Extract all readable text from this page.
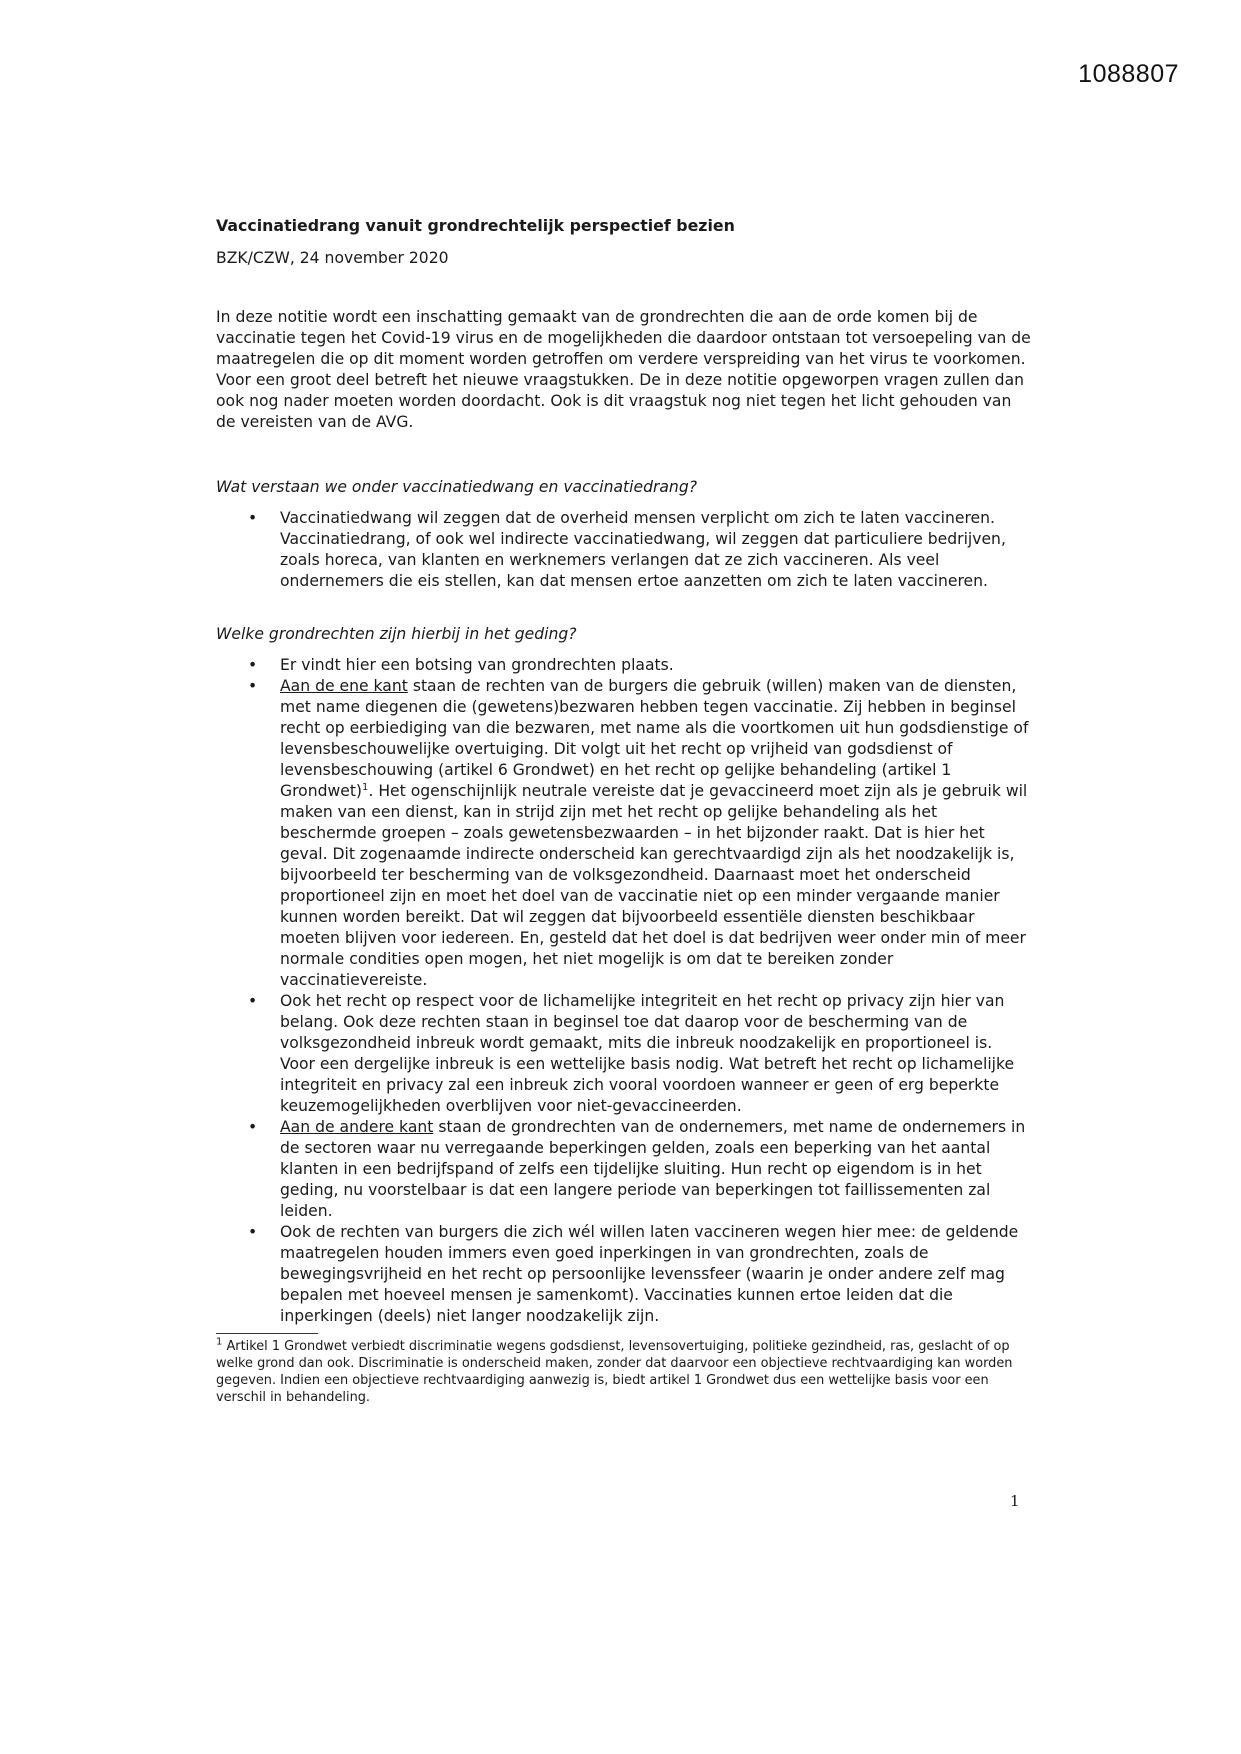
1088807
Vaccinatiedrang vanuit grondrechtelijk perspectief bezien
BZK/CZW, 24 november 2020
In deze notitie wordt een inschatting gemaakt van de grondrechten die aan de orde komen bij de vaccinatie tegen het Covid-19 virus en de mogelijkheden die daardoor ontstaan tot versoepeling van de maatregelen die op dit moment worden getroffen om verdere verspreiding van het virus te voorkomen. Voor een groot deel betreft het nieuwe vraagstukken. De in deze notitie opgeworpen vragen zullen dan ook nog nader moeten worden doordacht. Ook is dit vraagstuk nog niet tegen het licht gehouden van de vereisten van de AVG.
Wat verstaan we onder vaccinatiedwang en vaccinatiedrang?
• Vaccinatiedwang wil zeggen dat de overheid mensen verplicht om zich te laten vaccineren. Vaccinatiedrang, of ook wel indirecte vaccinatiedwang, wil zeggen dat particuliere bedrijven, zoals horeca, van klanten en werknemers verlangen dat ze zich vaccineren. Als veel ondernemers die eis stellen, kan dat mensen ertoe aanzetten om zich te laten vaccineren.
Welke grondrechten zijn hierbij in het geding?
• Er vindt hier een botsing van grondrechten plaats.
• Aan de ene kant staan de rechten van de burgers die gebruik (willen) maken van de diensten, met name diegenen die (gewetens)bezwaren hebben tegen vaccinatie. Zij hebben in beginsel recht op eerbiediging van die bezwaren, met name als die voortkomen uit hun godsdienstige of levensbeschouwelijke overtuiging. Dit volgt uit het recht op vrijheid van godsdienst of levensbeschouwing (artikel 6 Grondwet) en het recht op gelijke behandeling (artikel 1 Grondwet)$^1$. Het ogenschijnlijk neutrale vereiste dat je gevaccineerd moet zijn als je gebruik wil maken van een dienst, kan in strijd zijn met het recht op gelijke behandeling als het beschermde groepen – zoals gewetensbezwaarden – in het bijzonder raakt. Dat is hier het geval. Dit zogenaamde indirecte onderscheid kan gerechtvaardigd zijn als het noodzakelijk is, bijvoorbeeld ter bescherming van de volksgezondheid. Daarnaast moet het onderscheid proportioneel zijn en moet het doel van de vaccinatie niet op een minder vergaande manier kunnen worden bereikt. Dat wil zeggen dat bijvoorbeeld essentiële diensten beschikbaar moeten blijven voor iedereen. En, gesteld dat het doel is dat bedrijven weer onder min of meer normale condities open mogen, het niet mogelijk is om dat te bereiken zonder vaccinatievereiste.
• Ook het recht op respect voor de lichamelijke integriteit en het recht op privacy zijn hier van belang. Ook deze rechten staan in beginsel toe dat daarop voor de bescherming van de volksgezondheid inbreuk wordt gemaakt, mits die inbreuk noodzakelijk en proportioneel is. Voor een dergelijke inbreuk is een wettelijke basis nodig. Wat betreft het recht op lichamelijke integriteit en privacy zal een inbreuk zich vooral voordoen wanneer er geen of erg beperkte keuzemogelijkheden overblijven voor niet-gevaccineerden.
• Aan de andere kant staan de grondrechten van de ondernemers, met name de ondernemers in de sectoren waar nu verregaande beperkingen gelden, zoals een beperking van het aantal klanten in een bedrijfspand of zelfs een tijdelijke sluiting. Hun recht op eigendom is in het geding, nu voorstelbaar is dat een langere periode van beperkingen tot faillissementen zal leiden.
• Ook de rechten van burgers die zich wél willen laten vaccineren wegen hier mee: de geldende maatregelen houden immers even goed inperkingen in van grondrechten, zoals de bewegingsvrijheid en het recht op persoonlijke levenssfeer (waarin je onder andere zelf mag bepalen met hoeveel mensen je samenkomt). Vaccinaties kunnen ertoe leiden dat die inperkingen (deels) niet langer noodzakelijk zijn.
$^1$ Artikel 1 Grondwet verbiedt discriminatie wegens godsdienst, levensovertuiging, politieke gezindheid, ras, geslacht of op welke grond dan ook. Discriminatie is onderscheid maken, zonder dat daarvoor een objectieve rechtvaardiging kan worden gegeven. Indien een objectieve rechtvaardiging aanwezig is, biedt artikel 1 Grondwet dus een wettelijke basis voor een verschil in behandeling.
1
